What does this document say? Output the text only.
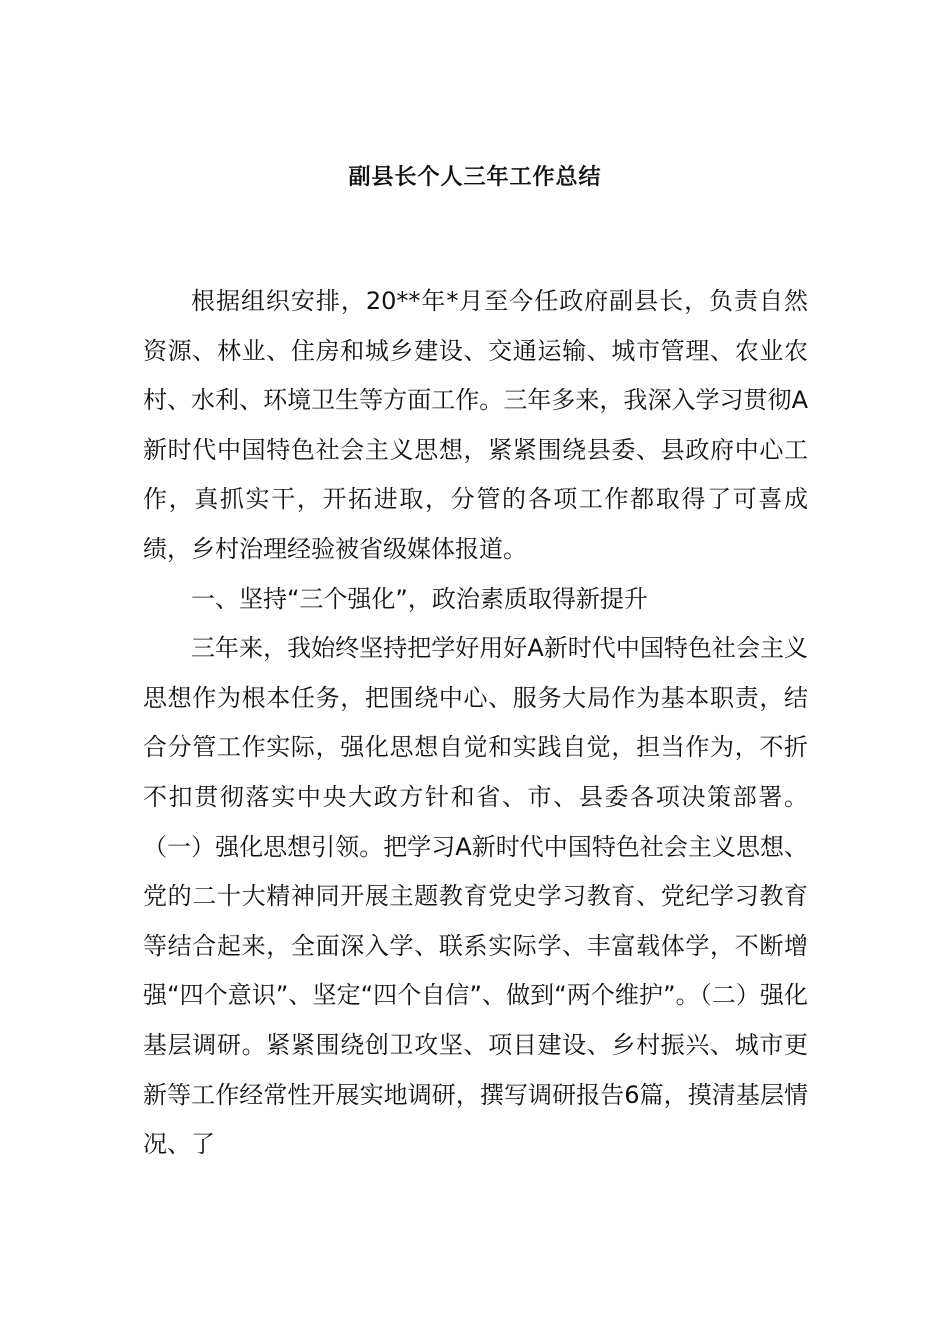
副县长个人三年工作总结

根据组织安排，20**年*月至今任政府副县长，负责自然资源、林业、住房和城乡建设、交通运输、城市管理、农业农村、水利、环境卫生等方面工作。三年多来，我深入学习贯彻A新时代中国特色社会主义思想，紧紧围绕县委、县政府中心工作，真抓实干，开拓进取，分管的各项工作都取得了可喜成绩，乡村治理经验被省级媒体报道。

一、坚持“三个强化”，政治素质取得新提升

三年来，我始终坚持把学好用好A新时代中国特色社会主义思想作为根本任务，把围绕中心、服务大局作为基本职责，结合分管工作实际，强化思想自觉和实践自觉，担当作为，不折不扣贯彻落实中央大政方针和省、市、县委各项决策部署。（一）强化思想引领。把学习A新时代中国特色社会主义思想、党的二十大精神同开展主题教育党史学习教育、党纪学习教育等结合起来，全面深入学、联系实际学、丰富载体学，不断增强“四个意识”、坚定“四个自信”、做到“两个维护”。（二）强化基层调研。紧紧围绕创卫攻坚、项目建设、乡村振兴、城市更新等工作经常性开展实地调研，撰写调研报告6篇，摸清基层情况、了
